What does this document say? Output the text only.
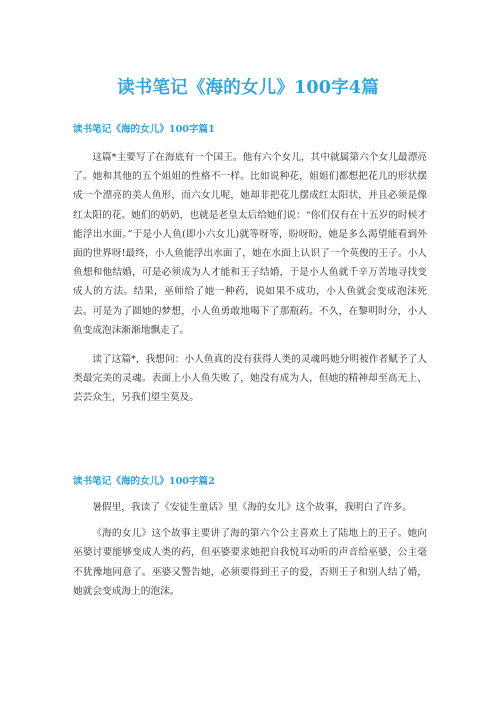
读书笔记《海的女儿》100字4篇

读书笔记《海的女儿》100字篇1

这篇*主要写了在海底有一个国王。他有六个女儿，其中就属第六个女儿最漂亮了。她和其他的五个姐姐的性格不一样。比如说种花，姐姐们都想把花儿的形状摆成一个漂亮的美人鱼形，而六女儿呢，她却非把花儿摆成红太阳状，并且必须是像红太阳的花。她们的奶奶，也就是老皇太后给她们说：“你们仅有在十五岁的时候才能浮出水面。”于是小人鱼(即小六女儿)就等呀等，盼呀盼，她是多么渴望能看到外面的世界呀!最终，小人鱼能浮出水面了，她在水面上认识了一个英俊的王子。小人鱼想和他结婚，可是必须成为人才能和王子结婚，于是小人鱼就千辛万苦地寻找变成人的方法。结果，巫师给了她一种药，说如果不成功，小人鱼就会变成泡沫死去。可是为了圆她的梦想，小人鱼勇敢地喝下了那瓶药。不久，在黎明时分，小人鱼变成泡沫渐渐地飘走了。

读了这篇*，我想问：小人鱼真的没有获得人类的灵魂吗她分明被作者赋予了人类最完美的灵魂。表面上小人鱼失败了，她没有成为人，但她的精神却至高无上、芸芸众生，另我们望尘莫及。

读书笔记《海的女儿》100字篇2

暑假里，我读了《安徒生童话》里《海的女儿》这个故事，我明白了许多。

《海的女儿》这个故事主要讲了海的第六个公主喜欢上了陆地上的王子。她向巫婆讨要能够变成人类的药，但巫婆要求她把自我悦耳动听的声音给巫婆，公主毫不犹豫地同意了。巫婆又警告她，必须要得到王子的爱，否则王子和别人结了婚，她就会变成海上的泡沫。
